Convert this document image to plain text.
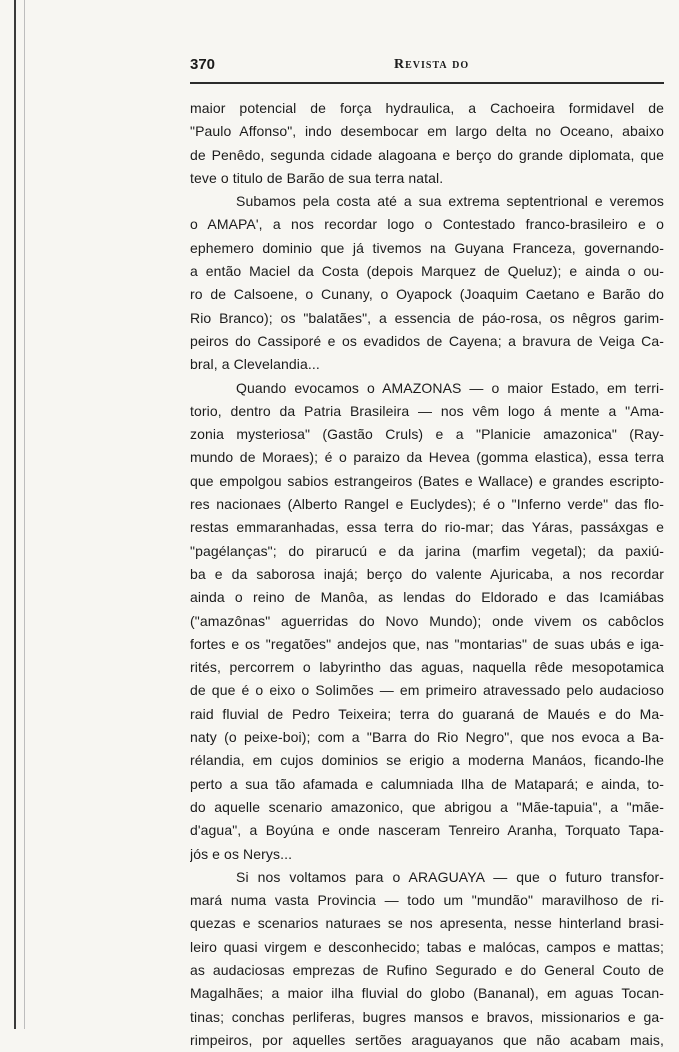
370	Revista do
maior potencial de força hydraulica, a Cachoeira formidavel de
"Paulo Affonso", indo desembocar em largo delta no Oceano, abaixo
de Penêdo, segunda cidade alagoana e berço do grande diplomata, que
teve o titulo de Barão de sua terra natal.
Subamos pela costa até a sua extrema septentrional e veremos
o AMAPA', a nos recordar logo o Contestado franco-brasileiro e o
ephemero dominio que já tivemos na Guyana Franceza, governando-
a então Maciel da Costa (depois Marquez de Queluz); e ainda o ou-
ro de Calsoene, o Cunany, o Oyapock (Joaquim Caetano e Barão do
Rio Branco); os "balatães", a essencia de páo-rosa, os nêgros garim-
peiros do Cassiporé e os evadidos de Cayena; a bravura de Veiga Ca-
bral, a Clevelandia...
Quando evocamos o AMAZONAS — o maior Estado, em terri-
torio, dentro da Patria Brasileira — nos vêm logo á mente a "Ama-
zonia mysteriosa" (Gastão Cruls) e a "Planicie amazonica" (Ray-
mundo de Moraes); é o paraizo da Hevea (gomma elastica), essa terra
que empolgou sabios estrangeiros (Bates e Wallace) e grandes escripto-
res nacionaes (Alberto Rangel e Euclydes); é o "Inferno verde" das flo-
restas emmaranhadas, essa terra do rio-mar; das Yáras, passáxgas e
"pagélanças"; do pirarucú e da jarina (marfim vegetal); da paxiú-
ba e da saborosa inajá; berço do valente Ajuricaba, a nos recordar
ainda o reino de Manôa, as lendas do Eldorado e das Icamiábas
("amazônas" aguerridas do Novo Mundo); onde vivem os cabôclos
fortes e os "regatões" andejos que, nas "montarias" de suas ubás e iga-
rités, percorrem o labyrintho das aguas, naquella rêde mesopotamica
de que é o eixo o Solimões — em primeiro atravessado pelo audacioso
raid fluvial de Pedro Teixeira; terra do guaraná de Maués e do Ma-
naty (o peixe-boi); com a "Barra do Rio Negro", que nos evoca a Ba-
rélandia, em cujos dominios se erigio a moderna Manáos, ficando-lhe
perto a sua tão afamada e calumniada Ilha de Matapará; e ainda, to-
do aquelle scenario amazonico, que abrigou a "Mãe-tapuia", a "mãe-
d'agua", a Boyúna e onde nasceram Tenreiro Aranha, Torquato Tapa-
jós e os Nerys...
Si nos voltamos para o ARAGUAYA — que o futuro transfor-
mará numa vasta Provincia — todo um "mundão" maravilhoso de ri-
quezas e scenarios naturaes se nos apresenta, nesse hinterland brasi-
leiro quasi virgem e desconhecido; tabas e malócas, campos e mattas;
as audaciosas emprezas de Rufino Segurado e do General Couto de
Magalhães; a maior ilha fluvial do globo (Bananal), em aguas Tocan-
tinas; conchas perliferas, bugres mansos e bravos, missionarios e ga-
rimpeiros, por aquelles sertões araguayanos que não acabam mais,
